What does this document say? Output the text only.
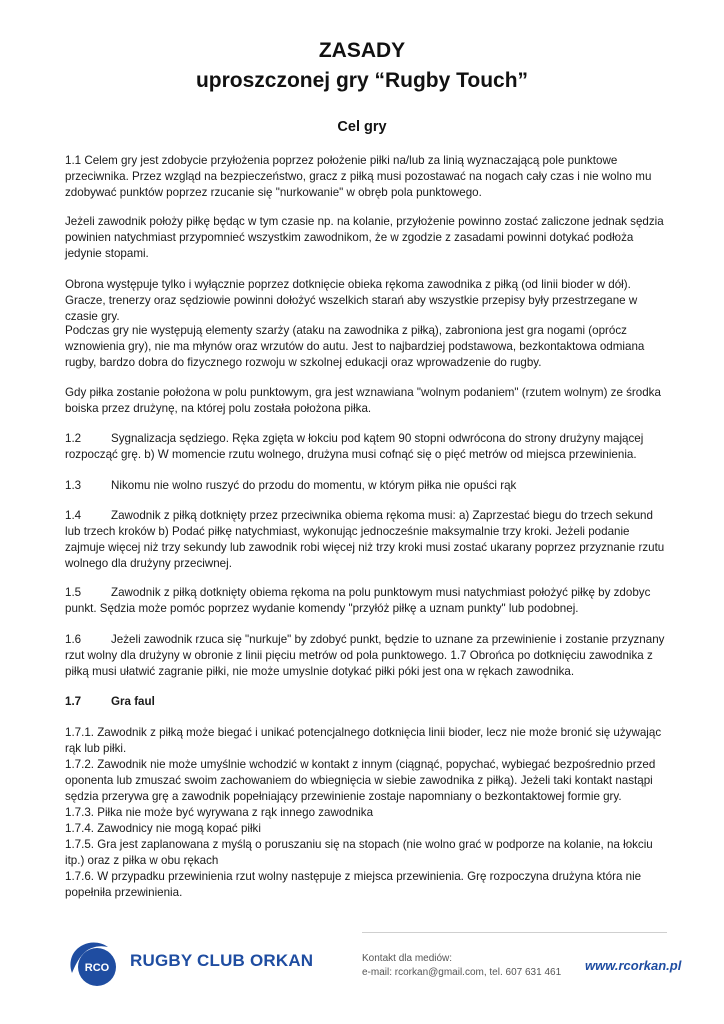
ZASADY
uproszczonej gry “Rugby Touch”
Cel gry

1.1 Celem gry jest zdobycie przyłożenia poprzez położenie piłki na/lub za linią wyznaczającą pole punktowe przeciwnika. Przez wzgląd na bezpieczeństwo, gracz z piłką musi pozostawać na nogach cały czas i nie wolno mu zdobywać punktów poprzez rzucanie się "nurkowanie" w obręb pola punktowego.

Jeżeli zawodnik położy piłkę będąc w tym czasie np. na kolanie, przyłożenie powinno zostać zaliczone jednak sędzia powinien natychmiast przypomnieć wszystkim zawodnikom, że w zgodzie z zasadami powinni dotykać podłoża jedynie stopami.

Obrona występuje tylko i wyłącznie poprzez dotknięcie obiekа rękoma zawodnika z piłką (od linii bioder w dół). Gracze, trenerzy oraz sędziowie powinni dołożyć wszelkich starań aby wszystkie przepisy były przestrzegane w czasie gry.

Podczas gry nie występują elementy szarży (ataku na zawodnika z piłką), zabroniona jest gra nogami (oprócz wznowienia gry), nie ma młynów oraz wrzutów do autu. Jest to najbardziej podstawowa, bezkontaktowa odmiana rugby, bardzo dobra do fizycznego rozwoju w szkolnej edukacji oraz wprowadzenie do rugby.

Gdy piłka zostanie położona w polu punktowym, gra jest wznawiana "wolnym podaniem" (rzutem wolnym) ze środka boiska przez drużynę, na której polu została położona piłka.

1.2	Sygnalizacja sędziego. Ręka zgięta w łokciu pod kątem 90 stopni odwrócona do strony drużyny mającej rozpocząć grę. b) W momencie rzutu wolnego, drużyna musi cofnąć się o pięć metrów od miejsca przewinienia.

1.3	Nikomu nie wolno ruszyć do przodu do momentu, w którym piłka nie opuści rąk

1.4	Zawodnik z piłką dotknięty przez przeciwnika obiema rękoma musi: a) Zaprzestać biegu do trzech sekund lub trzech kroków b) Podać piłkę natychmiast, wykonując jednocześnie maksymalnie trzy kroki. Jeżeli podanie zajmuje więcej niż trzy sekundy lub zawodnik robi więcej niż trzy kroki musi zostać ukarany poprzez przyznanie rzutu wolnego dla drużyny przeciwnej.

1.5	Zawodnik z piłką dotknięty obiema rękoma na polu punktowym musi natychmiast położyć piłkę by zdobyc punkt. Sędzia może pomóc poprzez wydanie komendy "przyłóż piłkę a uznam punkty" lub podobnej.

1.6	Jeżeli zawodnik rzuca się "nurkuje" by zdobyć punkt, będzie to uznane za przewinienie i zostanie przyznany rzut wolny dla drużyny w obronie z linii pięciu metrów od pola punktowego. 1.7 Obrońca po dotknięciu zawodnika z piłką musi ułatwić zagranie piłki, nie może umyslnie dotykać piłki póki jest ona w rękach zawodnika.

1.7	Gra faul

1.7.1. Zawodnik z piłką może biegać i unikać potencjalnego dotknięcia linii bioder, lecz nie może bronić się używając rąk lub piłki.
1.7.2. Zawodnik nie może umyślnie wchodzić w kontakt z innym (ciągnąć, popychać, wybiegać bezpośrednio przed oponenta lub zmuszać swoim zachowaniem do wbiegnięcia w siebie zawodnika z piłką). Jeżeli taki kontakt nastąpi sędzia przerywa grę a zawodnik popełniający przewinienie zostaje napomniany o bezkontaktowej formie gry.
1.7.3. Piłka nie może być wyrywana z rąk innego zawodnika
1.7.4. Zawodnicy nie mogą kopać piłki
1.7.5. Gra jest zaplanowana z myślą o poruszaniu się na stopach (nie wolno grać w podporze na kolanie, na łokciu itp.) oraz z piłka w obu rękach
1.7.6. W przypadku przewinienia rzut wolny następuje z miejsca przewinienia. Grę rozpoczyna drużyna która nie popełniła przewinienia.
RCO RUGBY CLUB ORKAN	Kontakt dla mediów:
e-mail: rcorkan@gmail.com, tel. 607 631 461 www.rcorkan.pl
